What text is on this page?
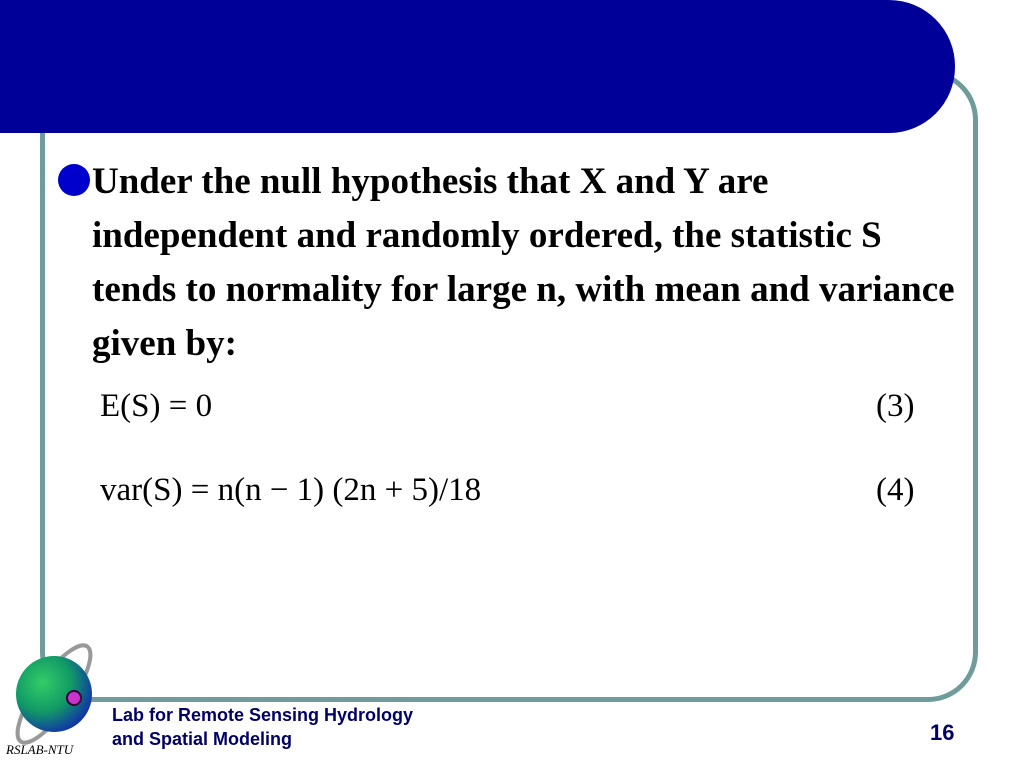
Under the null hypothesis that X and Y are independent and randomly ordered, the statistic S tends to normality for large n, with mean and variance given by:
E(S) = 0	(3)
var(S) = n(n − 1) (2n + 5)/18	(4)
RSLAB-NTU
Lab for Remote Sensing Hydrology
and Spatial Modeling	16
